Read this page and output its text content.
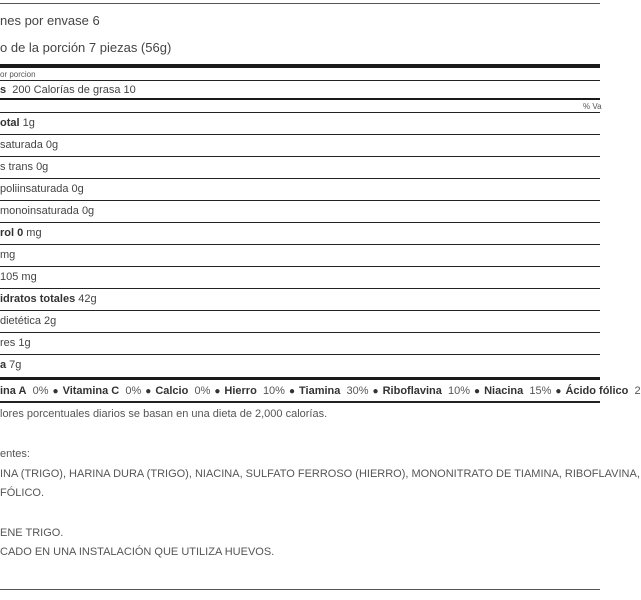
nes por envase 6
o de la porción 7 piezas (56g)
or porcion
s 200 Calorías de grasa 10
% Va
otal 1g
saturada 0g
s trans 0g
poliinsaturada 0g
monoinsaturada 0g
rol 0 mg
mg
105 mg
idratos totales 42g
dietética 2g
res 1g
a 7g
ina A 0% ● Vitamina C 0% ● Calcio 0% ● Hierro 10% ● Tiamina 30% ● Riboflavina 10% ● Niacina 15% ● Ácido fólico 2
lores porcentuales diarios se basan en una dieta de 2,000 calorías.
entes:
INA (TRIGO), HARINA DURA (TRIGO), NIACINA, SULFATO FERROSO (HIERRO), MONONITRATO DE TIAMINA, RIBOFLAVINA,
FÓLICO.
ENE TRIGO.
CADO EN UNA INSTALACIÓN QUE UTILIZA HUEVOS.
